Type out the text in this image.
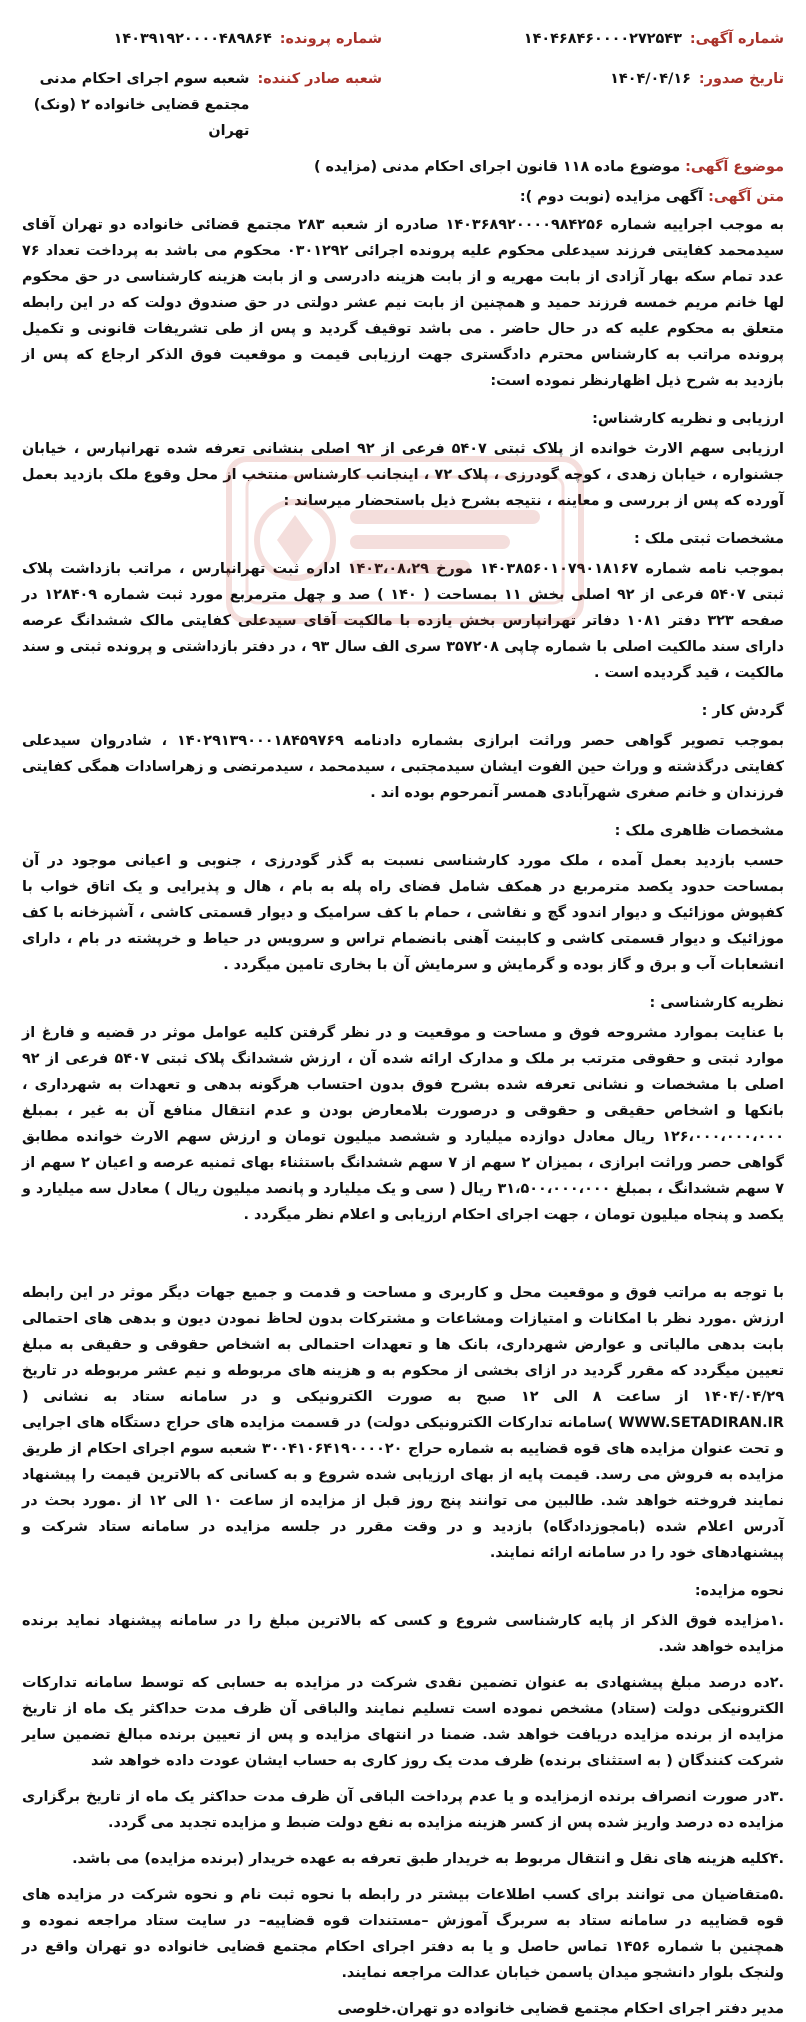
شماره آگهی:
۱۴۰۴۶۸۴۶۰۰۰۰۲۷۲۵۴۳
شماره پرونده:
۱۴۰۳۹۱۹۲۰۰۰۰۴۸۹۸۶۴
تاریخ صدور:
۱۴۰۴/۰۴/۱۶
شعبه صادر کننده:
شعبه سوم اجرای احکام مدنی مجتمع قضایی خانواده ۲ (ونک) تهران
موضوع آگهی: موضوع ماده ۱۱۸ قانون اجرای احکام مدنی (مزایده )
متن آگهی: آگهی مزایده (نوبت دوم ):

به موجب اجراییه شماره ۱۴۰۳۶۸۹۲۰۰۰۰۹۸۴۲۵۶ صادره از شعبه ۲۸۳ مجتمع قضائی خانواده دو تهران آقای سیدمحمد کفایتی فرزند سیدعلی محکوم علیه پرونده اجرائی ۰۳۰۱۲۹۲ محکوم می باشد به پرداخت تعداد ۷۶ عدد تمام سکه بهار آزادی از بابت مهریه و از بابت هزینه دادرسی و از بابت هزینه کارشناسی در حق محکوم لها خانم مریم خمسه فرزند حمید و همچنین از بابت نیم عشر دولتی در حق صندوق دولت که در این رابطه متعلق به محکوم علیه که در حال حاضر . می باشد توقیف گردید و پس از طی تشریفات قانونی و تکمیل پرونده مراتب به کارشناس محترم دادگستری جهت ارزیابی قیمت و موقعیت فوق الذکر ارجاع که پس از بازدید به شرح ذیل اظهارنظر نموده است:

ارزیابی و نظریه کارشناس:

ارزیابی سهم الارث خوانده از پلاک ثبتی ۵۴۰۷ فرعی از ۹۲ اصلی بنشانی تعرفه شده تهرانپارس ، خیابان جشنواره ، خیابان زهدی ، کوچه گودرزی ، پلاک ۷۲ ، اینجانب کارشناس منتخب از محل وقوع ملک بازدید بعمل آورده که پس از بررسی و معاینه ، نتیجه بشرح ذیل باستحضار میرساند :

مشخصات ثبتی ملک :

بموجب نامه شماره ۱۴۰۳۸۵۶۰۱۰۷۹۰۱۸۱۶۷ مورخ ۱۴۰۳،۰۸،۲۹ اداره ثبت تهرانپارس ، مراتب بازداشت پلاک ثبتی ۵۴۰۷ فرعی از ۹۲ اصلی بخش ۱۱ بمساحت ( ۱۴۰ ) صد و چهل مترمربع مورد ثبت شماره ۱۲۸۴۰۹ در صفحه ۳۲۳ دفتر ۱۰۸۱ دفاتر تهرانپارس بخش یازده با مالکیت آقای سیدعلی کفایتی مالک ششدانگ عرصه دارای سند مالکیت اصلی با شماره چاپی ۳۵۷۲۰۸ سری الف سال ۹۳ ، در دفتر بازداشتی و پرونده ثبتی و سند مالکیت ، قید گردیده است .

گردش کار :

بموجب تصویر گواهی حصر وراثت ابرازی بشماره دادنامه ۱۴۰۲۹۱۳۹۰۰۰۱۸۴۵۹۷۶۹ ، شادروان سیدعلی کفایتی درگذشته و وراث حین الفوت ایشان سیدمجتبی ، سیدمحمد ، سیدمرتضی و زهراسادات همگی کفایتی فرزندان و خانم صغری شهرآبادی همسر آنمرحوم بوده اند .

مشخصات ظاهری ملک :

حسب بازدید بعمل آمده ، ملک مورد کارشناسی نسبت به گذر گودرزی ، جنوبی و اعیانی موجود در آن بمساحت حدود یکصد مترمربع در همکف شامل فضای راه پله به بام ، هال و پذیرایی و یک اتاق خواب با کفپوش موزائیک و دیوار اندود گچ و نقاشی ، حمام با کف سرامیک و دیوار قسمتی کاشی ، آشپزخانه با کف موزائیک و دیوار قسمتی کاشی و کابینت آهنی بانضمام تراس و سرویس در حیاط و خرپشته در بام ، دارای انشعابات آب و برق و گاز بوده و گرمایش و سرمایش آن با بخاری تامین میگردد .

نظریه کارشناسی :

با عنایت بموارد مشروحه فوق و مساحت و موقعیت و در نظر گرفتن کلیه عوامل موثر در قضیه و فارغ از موارد ثبتی و حقوقی مترتب بر ملک و مدارک ارائه شده آن ، ارزش ششدانگ پلاک ثبتی ۵۴۰۷ فرعی از ۹۲ اصلی با مشخصات و نشانی تعرفه شده بشرح فوق بدون احتساب هرگونه بدهی و تعهدات به شهرداری ، بانکها و اشخاص حقیقی و حقوقی و درصورت بلامعارض بودن و عدم انتقال منافع آن به غیر ، بمبلغ ۱۲۶،۰۰۰،۰۰۰،۰۰۰ ریال معادل دوازده میلیارد و ششصد میلیون تومان و ارزش سهم الارث خوانده مطابق گواهی حصر وراثت ابرازی ، بمیزان ۲ سهم از ۷ سهم ششدانگ باستثناء بهای ثمنیه عرصه و اعیان ۲ سهم از ۷ سهم ششدانگ ، بمبلغ ۳۱،۵۰۰،۰۰۰،۰۰۰ ریال ( سی و یک میلیارد و پانصد میلیون ریال ) معادل سه میلیارد و یکصد و پنجاه میلیون تومان ، جهت اجرای احکام ارزیابی و اعلام نظر میگردد .

با توجه به مراتب فوق و موقعیت محل و کاربری و مساحت و قدمت و جمیع جهات دیگر موثر در این رابطه ارزش .مورد نظر با امکانات و امتیازات ومشاعات و مشترکات بدون لحاظ نمودن دیون و بدهی های احتمالی بابت بدهی مالیاتی و عوارض شهرداری، بانک ها و تعهدات احتمالی به اشخاص حقوقی و حقیقی به مبلغ تعیین میگردد که مقرر گردید در ازای بخشی از محکوم به و هزینه های مربوطه و نیم عشر مربوطه در تاریخ ۱۴۰۴/۰۴/۲۹ از ساعت ۸ الی ۱۲ صبح به صورت الکترونیکی و در سامانه ستاد به نشانی ( WWW.SETADIRAN.IR )سامانه تدارکات الکترونیکی دولت) در قسمت مزایده های حراج دستگاه های اجرایی و تحت عنوان مزایده های قوه قضاییه به شماره حراج ۳۰۰۴۱۰۶۴۱۹۰۰۰۰۲۰ شعبه سوم اجرای احکام از طریق مزایده به فروش می رسد. قیمت پایه از بهای ارزیابی شده شروع و به کسانی که بالاترین قیمت را پیشنهاد نمایند فروخته خواهد شد. طالبین می توانند پنج روز قبل از مزایده از ساعت ۱۰ الی ۱۲ از .مورد بحث در آدرس اعلام شده (بامجوزدادگاه) بازدید و در وقت مقرر در جلسه مزایده در سامانه ستاد شرکت و پیشنهادهای خود را در سامانه ارائه نمایند.

نحوه مزایده:

.۱مزایده فوق الذکر از پایه کارشناسی شروع و کسی که بالاترین مبلغ را در سامانه پیشنهاد نماید برنده مزایده خواهد شد.

.۲ده درصد مبلغ پیشنهادی به عنوان تضمین نقدی شرکت در مزایده به حسابی که توسط سامانه تدارکات الکترونیکی دولت (ستاد) مشخص نموده است تسلیم نمایند والباقی آن ظرف مدت حداکثر یک ماه از تاریخ مزایده از برنده مزایده دریافت خواهد شد. ضمنا در انتهای مزایده و پس از تعیین برنده مبالغ تضمین سایر شرکت کنندگان ( به استثنای برنده) ظرف مدت یک روز کاری به حساب ایشان عودت داده خواهد شد

.۳در صورت انصراف برنده ازمزایده و یا عدم پرداخت الباقی آن ظرف مدت حداکثر یک ماه از تاریخ برگزاری مزایده ده درصد واریز شده پس از کسر هزینه مزایده به نفع دولت ضبط و مزایده تجدید می گردد.

.۴کلیه هزینه های نقل و انتقال مربوط به خریدار طبق تعرفه به عهده خریدار (برنده مزایده) می باشد.

.۵متقاضیان می توانند برای کسب اطلاعات بیشتر در رابطه با نحوه ثبت نام و نحوه شرکت در مزایده های قوه قضاییه در سامانه ستاد به سربرگ آموزش –مستندات قوه قضاییه– در سایت ستاد مراجعه نموده و همچنین با شماره ۱۴۵۶ تماس حاصل و یا به دفتر اجرای احکام مجتمع قضایی خانواده دو تهران واقع در ولنجک بلوار دانشجو میدان یاسمن خیابان عدالت مراجعه نمایند.

مدیر دفتر اجرای احکام مجتمع قضایی خانواده دو تهران.خلوصی
